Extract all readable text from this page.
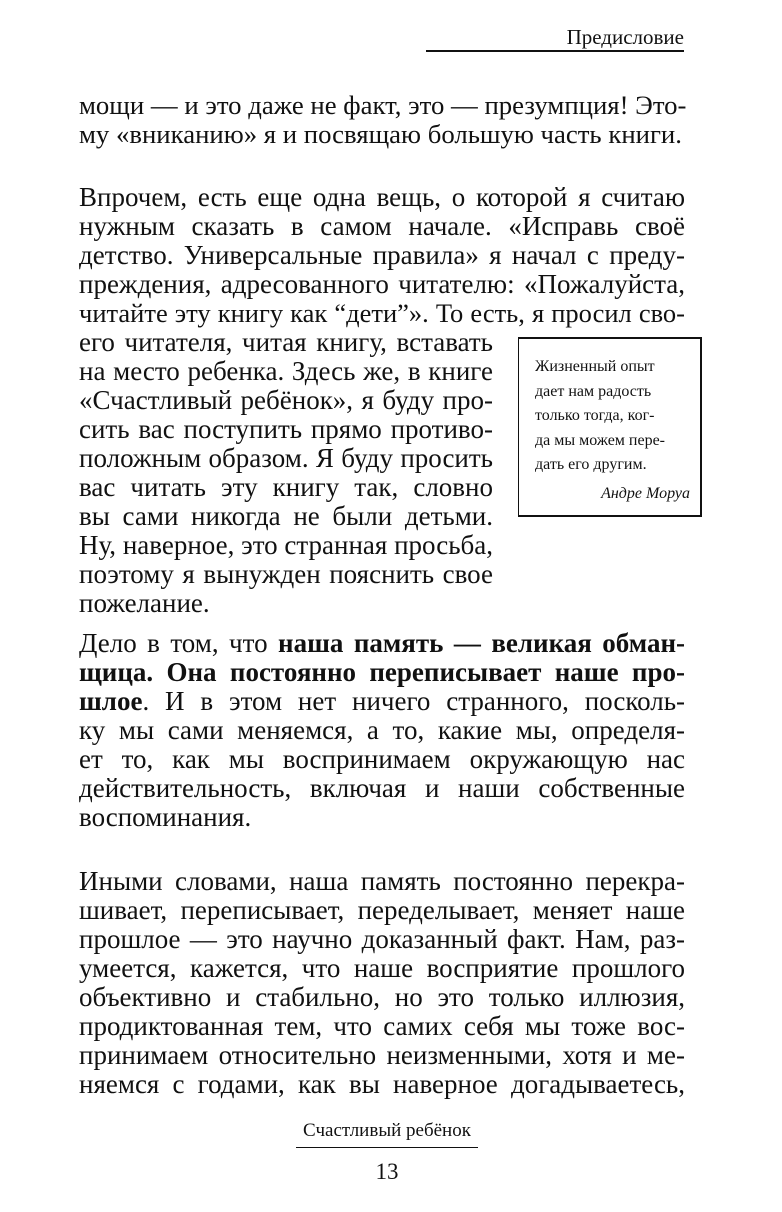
Предисловие
мощи — и это даже не факт, это — презумпция! Это-
му «вниканию» я и посвящаю большую часть книги.
Впрочем, есть еще одна вещь, о которой я считаю
нужным сказать в самом начале. «Исправь своё
детство. Универсальные правила» я начал с преду-
преждения, адресованного читателю: «Пожалуйста,
читайте эту книгу как “дети”». То есть, я просил сво-
его читателя, читая книгу, вставать
на место ребенка. Здесь же, в книге
«Счастливый ребёнок», я буду про-
сить вас поступить прямо противо-
положным образом. Я буду просить
вас читать эту книгу так, словно
вы сами никогда не были детьми.
Ну, наверное, это странная просьба,
поэтому я вынужден пояснить свое
пожелание.
Жизненный опыт
дает нам радость
только тогда, ког-
да мы можем пере-
дать его другим.
Андре Моруа
Дело в том, что наша память — великая обман-
щица. Она постоянно переписывает наше про-
шлое. И в этом нет ничего странного, посколь-
ку мы сами меняемся, а то, какие мы, определя-
ет то, как мы воспринимаем окружающую нас
действительность, включая и наши собственные
воспоминания.
Иными словами, наша память постоянно перекра-
шивает, переписывает, переделывает, меняет наше
прошлое — это научно доказанный факт. Нам, раз-
умеется, кажется, что наше восприятие прошлого
объективно и стабильно, но это только иллюзия,
продиктованная тем, что самих себя мы тоже вос-
принимаем относительно неизменными, хотя и ме-
няемся с годами, как вы наверное догадываетесь,
Счастливый ребёнок
13
